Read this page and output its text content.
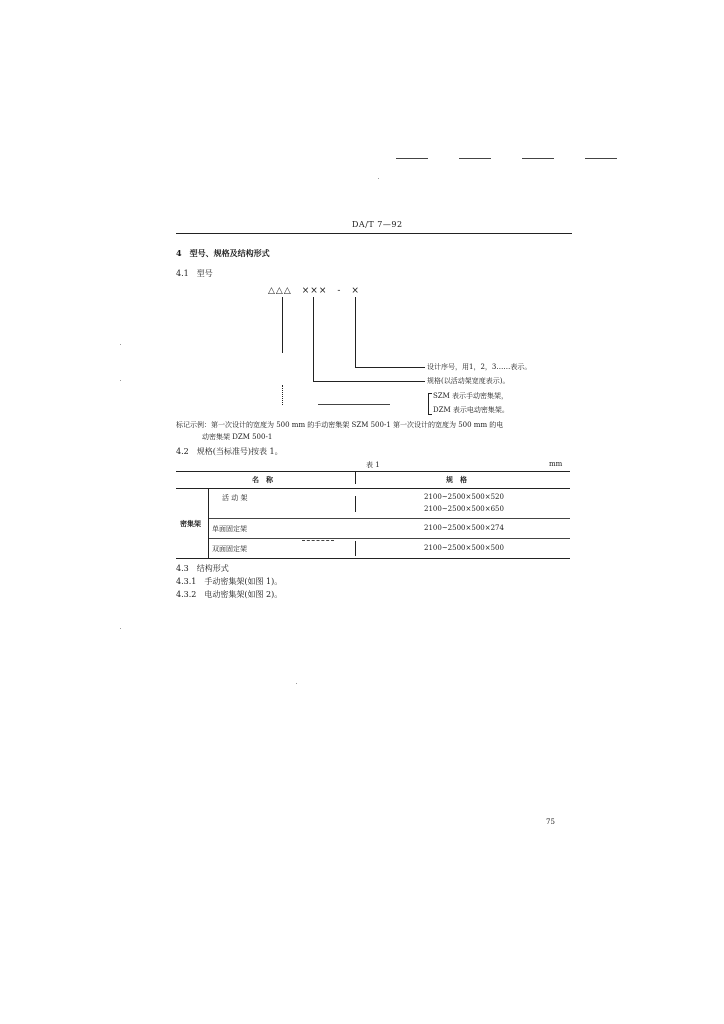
DA/T 7—92
4　型号、规格及结构形式
4.1　型号
△△△　×××　-　×
设计序号，用1，2，3……表示。
规格(以活动架宽度表示)。
SZM 表示手动密集架，
DZM 表示电动密集架。
标记示例：第一次设计的宽度为 500 mm 的手动密集架 SZM 500-1 第一次设计的宽度为 500 mm 的电
动密集架 DZM 500-1
4.2　规格(当标准号)按表 1。
表 1	mm
名　称	规　格
密集架
活 动 架	2100~2500×500×520
2100~2500×500×650
单面固定架	2100~2500×500×274
双面固定架	2100~2500×500×500
4.3　结构形式
4.3.1　手动密集架(如图 1)。
4.3.2　电动密集架(如图 2)。
75
